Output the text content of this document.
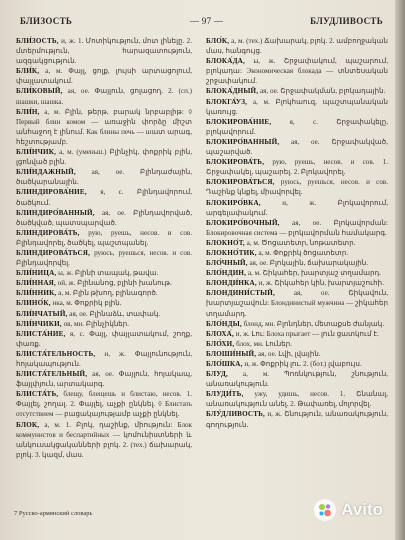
БЛИЗОСТЬ	— 97 —	БЛУДЛИВОСТЬ

БЛИ́ЗОСТЬ, и, ж. 1. Մոտիկություն, մոտ լինելը. 2. մտերմություն, հարազատություն, ազգակցություն.

БЛИ́К, а, м. Փայլ, ցոլք, լույսի արտացոլում, փայլատակում.

БЛИ́КОВЫЙ, ая, ое. Փայլուն, ցոլացող. 2. (сп.) шашки, шашка.

БЛИ́Н, а, м. Բլին, թերթ, բարակ նրբաբլիթ: ◊ Первый блин комом — առաջին փորձը միշտ անհաջող է լինում. Как блины печь — шատ արագ, հեշտությամբ.

БЛИ́НЧИК, а, м. (уменьш.) Բլինչիկ, փոքրիկ բլին, լցոնված բլին.

БЛИ́НДАЖНЫЙ, ая, ое. Բլինդաժային, ծածկարանային.

БЛИНДИРОВА́НИЕ, я, с. Բլինդավորում, ծածկում.

БЛИНДИРО́ВАННЫЙ, ая, ое. Բլինդավորված, ծածկված, պատսպարված.

БЛИНДИРОВА́ТЬ, рую, руешь, несов. и сов. Բլինդավորել, ծածկել, պաշտպանել.

БЛИНДИРОВА́ТЬСЯ, руюсь, руешься, несов. и сов. Բլինդավորվել.

БЛИ́НИЦА, ы, ж. Բլինի տապակ, թավա.

БЛИ́ННАЯ, ой, ж. Բլինանոց, բլինի խանութ.

БЛИ́ННИК, а, м. Բլին թխող, բլինագործ.

БЛИНО́К, нка, м. Փոքրիկ բլին.

БЛИ́НЧАТЫЙ, ая, ое. Բլինաձև, տափակ.

БЛИ́НЧИКИ, ов, мн. Բլինչիկներ.

БЛИСТА́НИЕ, я, с. Փայլ, փայլատակում, շողք, փառք.

БЛИСТА́ТЕЛЬНОСТЬ, и, ж. Փայլունություն, հոյակապություն.

БЛИСТА́ТЕЛЬНЫЙ, ая, ое. Փայլուն, հոյակապ, ֆայլփյուն, արտակարգ.

БЛИСТА́ТЬ, блещу, блещешь и блистаю, несов. 1. Փայլել, շողալ. 2. Փայլել, աչքի ընկնել. ◊ Блистать отсутствием — բացակայությամբ աչքի ընկնել.

БЛОК, а, м. 1. Բլոկ, դաշինք, միություն: Блок коммунистов и беспартийных — կոմունիստների և անկուսակցականների բլոկ. 2. (тех.) ճախարակ, բլոկ. 3. կազմ, մաս.

БЛО́К, а, м. (тех.) Ճախարակ, բլոկ. 2. ամբողջական մաս, հանգույց.

БЛОКА́ДА, ы, ж. Շրջափակում, պաշարում, բլոկադա: Экономическая блокада — տնտեսական շրջափակում.

БЛОКА́ДНЫЙ, ая, ое. Շրջափակման, բլոկադային.

БЛОКГА́УЗ, а, м. Բլոկհաուզ, պաշտպանական կառույց.

БЛОКИРОВА́НИЕ, я, с. Շրջափակելը, բլոկավորում.

БЛОКИРО́ВАННЫЙ, ая, ое. Շրջափակված, պաշարված.

БЛОКИРОВА́ТЬ, рую, руешь, несов. и сов. 1. Շրջափակել, պաշարել. 2. Բլոկավորել.

БЛОКИРОВА́ТЬСЯ, руюсь, руешься, несов. и сов. Դաշինք կնքել, միավորվել.

БЛОКИРО́ВКА, и, ж. Բլոկավորում, արգելափակում.

БЛОКИРО́ВОЧНЫЙ, ая, ое. Բլոկավորման: Блокировочная система — բլոկավորման համակարգ.

БЛОКНО́Т, а, м. Ծոցատետր, նոթատետր.

БЛОКНО́ТИК, а, м. Փոքրիկ ծոցատետր.

БЛО́ЧНЫЙ, ая, ое. Բլոկային, ճախարակային.

БЛО́НДИН, а, м. Շիկահեր, խարտյաշ տղամարդ.

БЛОНДИ́НКА, и, ж. Շիկահեր կին, խարտյաշուհի.

БЛОНДИНИ́СТЫЙ, ая, ое. Շիկավուն, խարտյաշավուն: Блондинистый мужчина — շիկահեր տղամարդ.

БЛО́НДЫ, блонд, мн. Բլոնդներ, մետաքսե ժանյակ.

БЛОХА́, и, ж. Լու: Блоха прыгает — լուն ցատկում է.

БЛО́ХИ, блох, мн. Լուներ.

БЛОШИ́НЫЙ, ая, ое. Լվի, լվային.

БЛО́ШКА, и, ж. Փոքրիկ լու. 2. (бот.) լվաբույս.

БЛУД, а, м. Պոռնկություն, շնություն, անառակություն.

БЛУДИ́ТЬ, ужу, удишь, несов. 1. Շնանալ, անառակություն անել. 2. Թափառել, մոլորվել.

БЛУ́ДЛИВОСТЬ, и, ж. Շնություն, անառակություն, գողություն.

7 Русско-армянский словарь	Avito
